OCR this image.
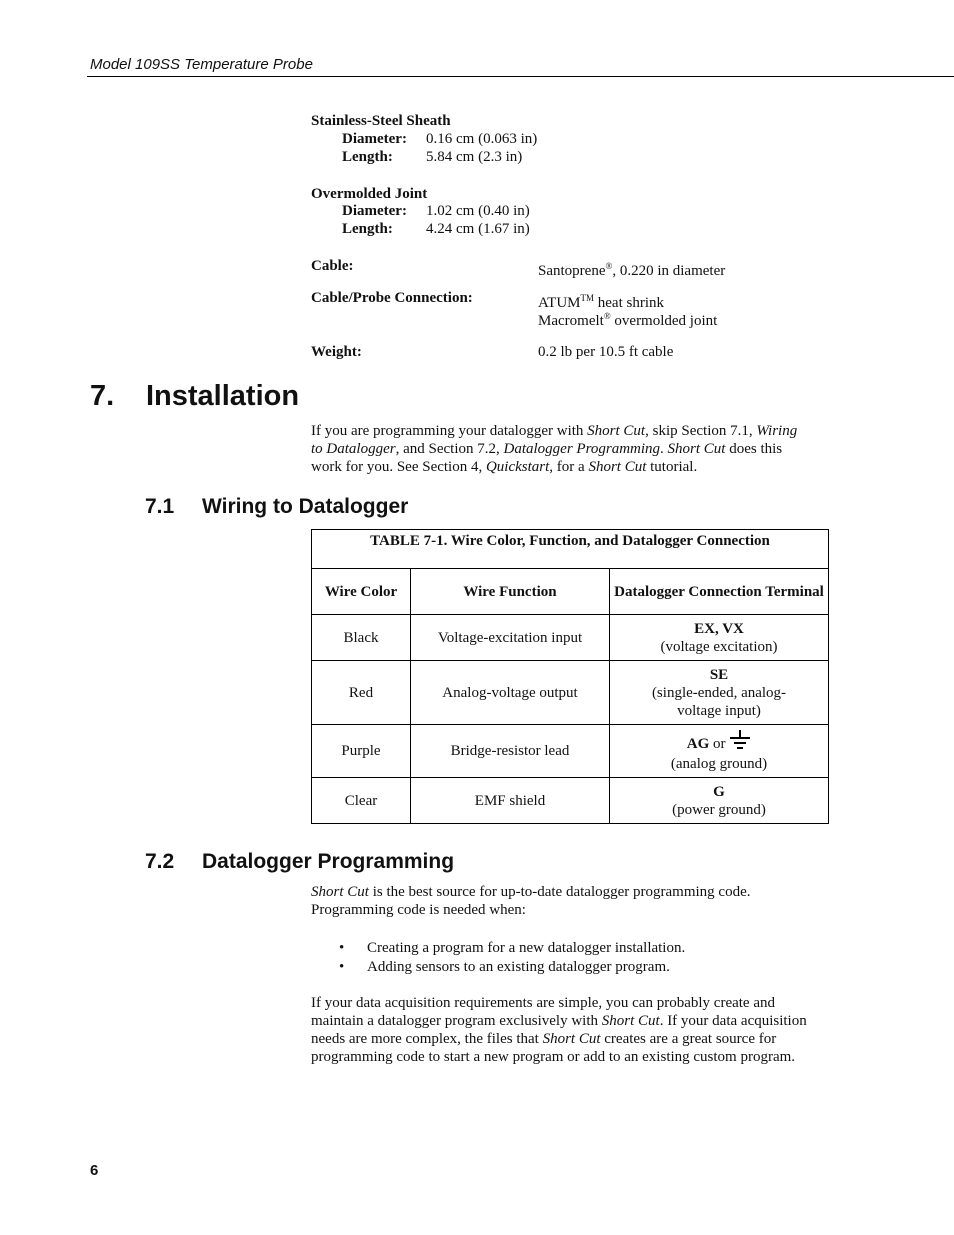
Model 109SS Temperature Probe
Stainless-Steel Sheath
Diameter: 0.16 cm (0.063 in)
Length: 5.84 cm (2.3 in)
Overmolded Joint
Diameter: 1.02 cm (0.40 in)
Length: 4.24 cm (1.67 in)
Cable:	Santoprene®, 0.220 in diameter
Cable/Probe Connection:	ATUM™ heat shrink
Macromelt® overmolded joint
Weight:	0.2 lb per 10.5 ft cable
7. Installation

If you are programming your datalogger with Short Cut, skip Section 7.1, Wiring to Datalogger, and Section 7.2, Datalogger Programming. Short Cut does this work for you. See Section 4, Quickstart, for a Short Cut tutorial.

7.1 Wiring to Datalogger
TABLE 7-1. Wire Color, Function, and Datalogger Connection		
Wire Color	Wire Function	Datalogger Connection Terminal
Black	Voltage-excitation input	EX, VX
(voltage excitation)

Red	Analog-voltage output	SE
(single-ended, analog-voltage input)

Purple	Bridge-resistor lead	AG or
(analog ground)

Clear	EMF shield	G
(power ground)
7.2 Datalogger Programming

Short Cut is the best source for up-to-date datalogger programming code. Programming code is needed when:

• Creating a program for a new datalogger installation.
• Adding sensors to an existing datalogger program.

If your data acquisition requirements are simple, you can probably create and maintain a datalogger program exclusively with Short Cut. If your data acquisition needs are more complex, the files that Short Cut creates are a great source for programming code to start a new program or add to an existing custom program.

6
